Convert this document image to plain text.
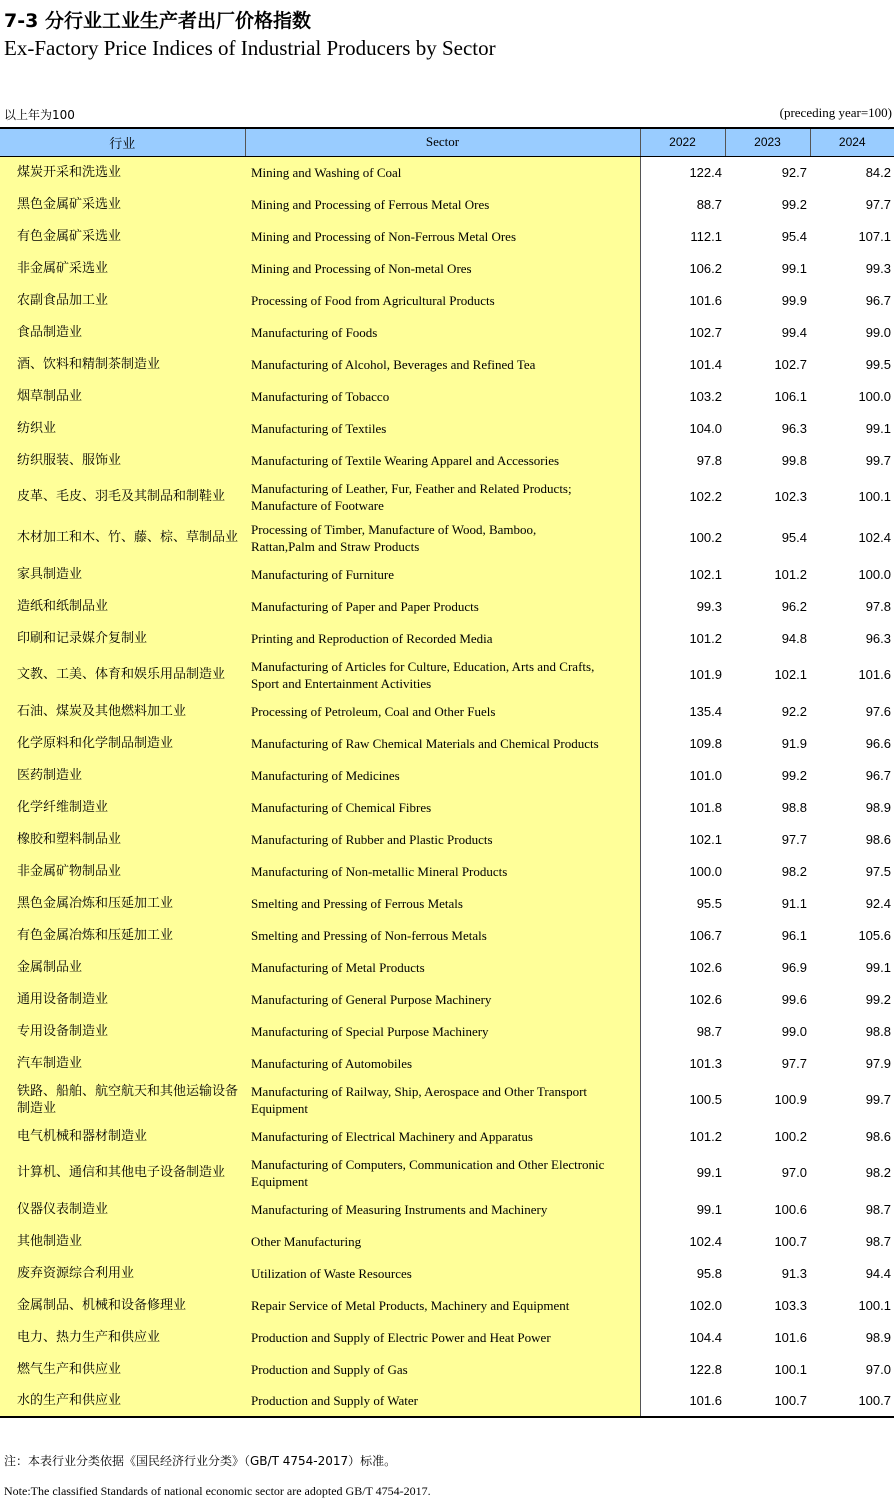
7-3 分行业工业生产者出厂价格指数
Ex-Factory Price Indices of Industrial Producers by Sector
以上年为100	(preceding year=100)
行业	Sector	2022	2023	2024
煤炭开采和洗选业	Mining and Washing of Coal	122.4	92.7	84.2
黑色金属矿采选业	Mining and Processing of Ferrous Metal Ores	88.7	99.2	97.7
有色金属矿采选业	Mining and Processing of Non-Ferrous Metal Ores	112.1	95.4	107.1
非金属矿采选业	Mining and Processing of Non-metal Ores	106.2	99.1	99.3
农副食品加工业	Processing of Food from Agricultural Products	101.6	99.9	96.7
食品制造业	Manufacturing of Foods	102.7	99.4	99.0
酒、饮料和精制茶制造业	Manufacturing of Alcohol, Beverages and Refined Tea	101.4	102.7	99.5
烟草制品业	Manufacturing of Tobacco	103.2	106.1	100.0
纺织业	Manufacturing of Textiles	104.0	96.3	99.1
纺织服装、服饰业	Manufacturing of Textile Wearing Apparel and Accessories	97.8	99.8	99.7
皮革、毛皮、羽毛及其制品和制鞋业	Manufacturing of Leather, Fur, Feather and Related Products;
Manufacture of Footware	102.2	102.3	100.1
木材加工和木、竹、藤、棕、草制品业	Processing of Timber, Manufacture of Wood, Bamboo,
Rattan,Palm and Straw Products	100.2	95.4	102.4
家具制造业	Manufacturing of Furniture	102.1	101.2	100.0
造纸和纸制品业	Manufacturing of Paper and Paper Products	99.3	96.2	97.8
印刷和记录媒介复制业	Printing and Reproduction of Recorded Media	101.2	94.8	96.3
文教、工美、体育和娱乐用品制造业	Manufacturing of Articles for Culture, Education, Arts and Crafts,
Sport and Entertainment Activities	101.9	102.1	101.6
石油、煤炭及其他燃料加工业	Processing of Petroleum, Coal and Other Fuels	135.4	92.2	97.6
化学原料和化学制品制造业	Manufacturing of Raw Chemical Materials and Chemical Products	109.8	91.9	96.6
医药制造业	Manufacturing of Medicines	101.0	99.2	96.7
化学纤维制造业	Manufacturing of Chemical Fibres	101.8	98.8	98.9
橡胶和塑料制品业	Manufacturing of Rubber and Plastic Products	102.1	97.7	98.6
非金属矿物制品业	Manufacturing of Non-metallic Mineral Products	100.0	98.2	97.5
黑色金属冶炼和压延加工业	Smelting and Pressing of Ferrous Metals	95.5	91.1	92.4
有色金属冶炼和压延加工业	Smelting and Pressing of Non-ferrous Metals	106.7	96.1	105.6
金属制品业	Manufacturing of Metal Products	102.6	96.9	99.1
通用设备制造业	Manufacturing of General Purpose Machinery	102.6	99.6	99.2
专用设备制造业	Manufacturing of Special Purpose Machinery	98.7	99.0	98.8
汽车制造业	Manufacturing of Automobiles	101.3	97.7	97.9
铁路、船舶、航空航天和其他运输设备制造业	Manufacturing of Railway, Ship, Aerospace and Other Transport
Equipment	100.5	100.9	99.7
电气机械和器材制造业	Manufacturing of Electrical Machinery and Apparatus	101.2	100.2	98.6
计算机、通信和其他电子设备制造业	Manufacturing of Computers, Communication and Other Electronic
Equipment	99.1	97.0	98.2
仪器仪表制造业	Manufacturing of Measuring Instruments and Machinery	99.1	100.6	98.7
其他制造业	Other Manufacturing	102.4	100.7	98.7
废弃资源综合利用业	Utilization of Waste Resources	95.8	91.3	94.4
金属制品、机械和设备修理业	Repair Service of Metal Products, Machinery and Equipment	102.0	103.3	100.1
电力、热力生产和供应业	Production and Supply of Electric Power and Heat Power	104.4	101.6	98.9
燃气生产和供应业	Production and Supply of Gas	122.8	100.1	97.0
水的生产和供应业	Production and Supply of Water	101.6	100.7	100.7
注：本表行业分类依据《国民经济行业分类》（GB/T 4754-2017）标准。
Note:The classified Standards of national economic sector are adopted GB/T 4754-2017.
